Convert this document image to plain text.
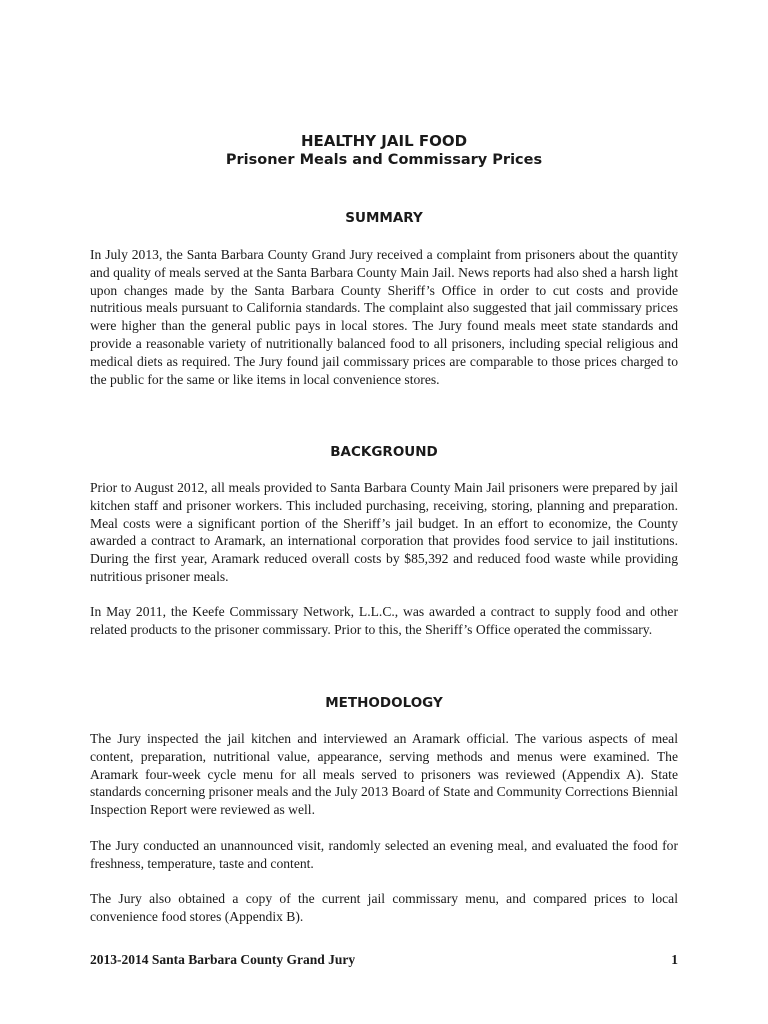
HEALTHY JAIL FOOD
Prisoner Meals and Commissary Prices
SUMMARY

In July 2013, the Santa Barbara County Grand Jury received a complaint from prisoners about the quantity and quality of meals served at the Santa Barbara County Main Jail. News reports had also shed a harsh light upon changes made by the Santa Barbara County Sheriff’s Office in order to cut costs and provide nutritious meals pursuant to California standards. The complaint also suggested that jail commissary prices were higher than the general public pays in local stores. The Jury found meals meet state standards and provide a reasonable variety of nutritionally balanced food to all prisoners, including special religious and medical diets as required. The Jury found jail commissary prices are comparable to those prices charged to the public for the same or like items in local convenience stores.

BACKGROUND

Prior to August 2012, all meals provided to Santa Barbara County Main Jail prisoners were prepared by jail kitchen staff and prisoner workers. This included purchasing, receiving, storing, planning and preparation. Meal costs were a significant portion of the Sheriff’s jail budget. In an effort to economize, the County awarded a contract to Aramark, an international corporation that provides food service to jail institutions. During the first year, Aramark reduced overall costs by $85,392 and reduced food waste while providing nutritious prisoner meals.

In May 2011, the Keefe Commissary Network, L.L.C., was awarded a contract to supply food and other related products to the prisoner commissary. Prior to this, the Sheriff’s Office operated the commissary.

METHODOLOGY

The Jury inspected the jail kitchen and interviewed an Aramark official. The various aspects of meal content, preparation, nutritional value, appearance, serving methods and menus were examined. The Aramark four-week cycle menu for all meals served to prisoners was reviewed (Appendix A). State standards concerning prisoner meals and the July 2013 Board of State and Community Corrections Biennial Inspection Report were reviewed as well.

The Jury conducted an unannounced visit, randomly selected an evening meal, and evaluated the food for freshness, temperature, taste and content.

The Jury also obtained a copy of the current jail commissary menu, and compared prices to local convenience food stores (Appendix B).

2013-2014 Santa Barbara County Grand Jury	1
